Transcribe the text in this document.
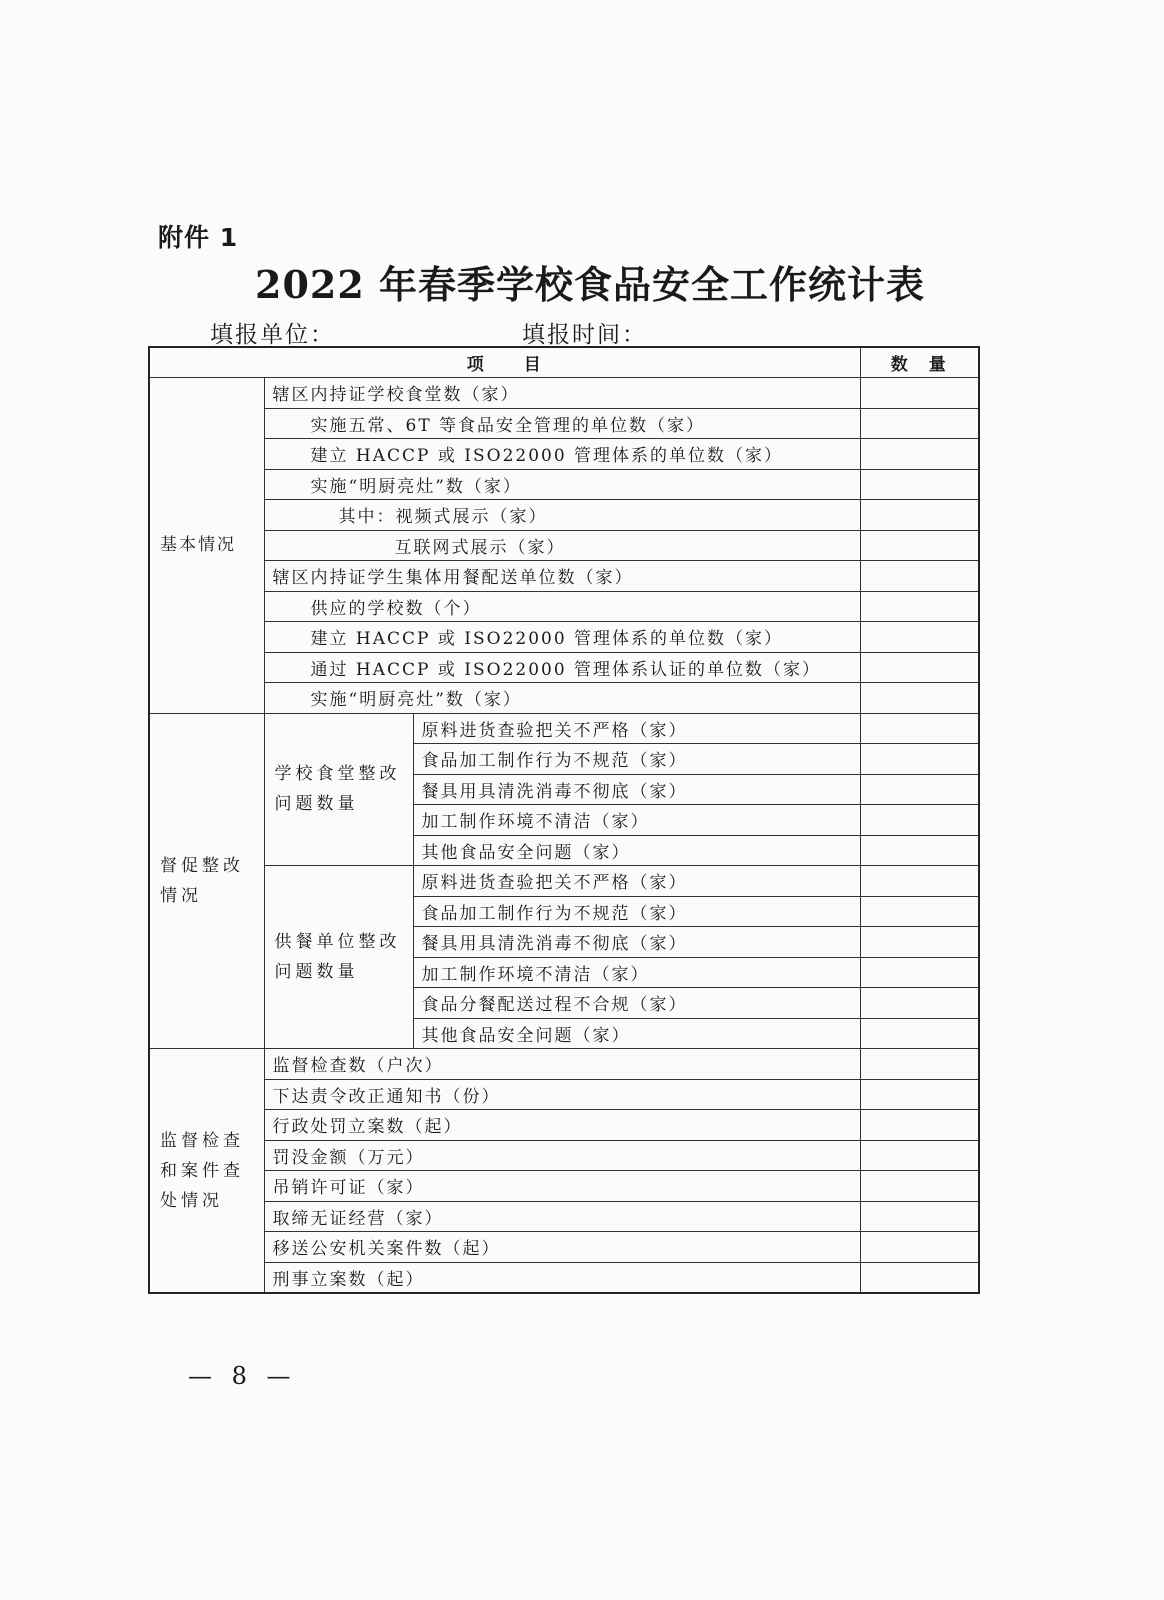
附件 1
2022 年春季学校食品安全工作统计表
填报单位：	填报时间：
项　　目			数　量
基本情况	辖区内持证学校食堂数（家）		
	实施五常、6T 等食品安全管理的单位数（家）		
	建立 HACCP 或 ISO22000 管理体系的单位数（家）		
	实施“明厨亮灶”数（家）		
	其中：视频式展示（家）		
	互联网式展示（家）		
	辖区内持证学生集体用餐配送单位数（家）		
	供应的学校数（个）		
	建立 HACCP 或 ISO22000 管理体系的单位数（家）		
	通过 HACCP 或 ISO22000 管理体系认证的单位数（家）		
	实施“明厨亮灶”数（家）		
督促整改情况	学校食堂整改问题数量	原料进货查验把关不严格（家）	
		食品加工制作行为不规范（家）	
		餐具用具清洗消毒不彻底（家）	
		加工制作环境不清洁（家）	
		其他食品安全问题（家）	
	供餐单位整改问题数量	原料进货查验把关不严格（家）	
		食品加工制作行为不规范（家）	
		餐具用具清洗消毒不彻底（家）	
		加工制作环境不清洁（家）	
		食品分餐配送过程不合规（家）	
		其他食品安全问题（家）	
监督检查和案件查处情况	监督检查数（户次）		
	下达责令改正通知书（份）		
	行政处罚立案数（起）		
	罚没金额（万元）		
	吊销许可证（家）		
	取缔无证经营（家）		
	移送公安机关案件数（起）		
	刑事立案数（起）		
— 8 —
